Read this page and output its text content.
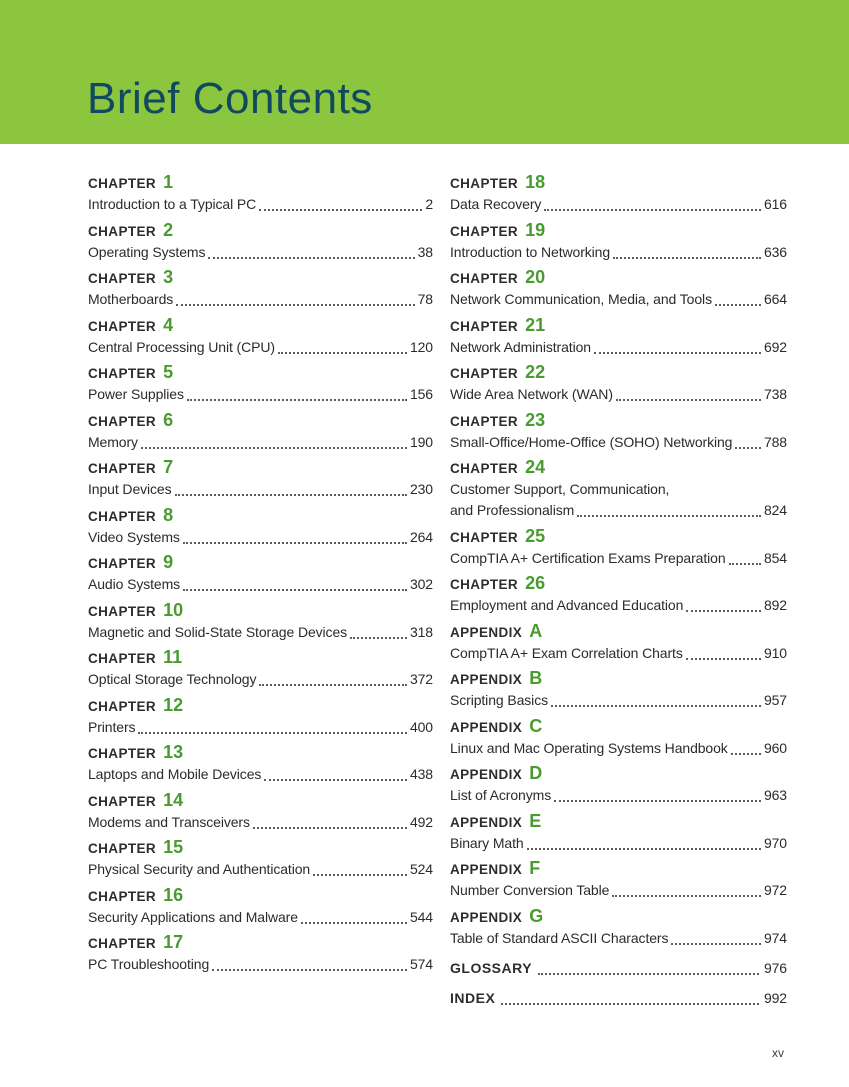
Brief Contents
CHAPTER 1
Introduction to a Typical PC	2
CHAPTER 2
Operating Systems	38
CHAPTER 3
Motherboards	78
CHAPTER 4
Central Processing Unit (CPU)	120
CHAPTER 5
Power Supplies	156
CHAPTER 6
Memory	190
CHAPTER 7
Input Devices	230
CHAPTER 8
Video Systems	264
CHAPTER 9
Audio Systems	302
CHAPTER 10
Magnetic and Solid-State Storage Devices	318
CHAPTER 11
Optical Storage Technology	372
CHAPTER 12
Printers	400
CHAPTER 13
Laptops and Mobile Devices	438
CHAPTER 14
Modems and Transceivers	492
CHAPTER 15
Physical Security and Authentication	524
CHAPTER 16
Security Applications and Malware	544
CHAPTER 17
PC Troubleshooting	574
CHAPTER 18
Data Recovery	616
CHAPTER 19
Introduction to Networking	636
CHAPTER 20
Network Communication, Media, and Tools	664
CHAPTER 21
Network Administration	692
CHAPTER 22
Wide Area Network (WAN)	738
CHAPTER 23
Small-Office/Home-Office (SOHO) Networking 788
CHAPTER 24
Customer Support, Communication,
and Professionalism	824
CHAPTER 25
CompTIA A+ Certification Exams Preparation	854
CHAPTER 26
Employment and Advanced Education	892
APPENDIX A
CompTIA A+ Exam Correlation Charts	910
APPENDIX B
Scripting Basics	957
APPENDIX C
Linux and Mac Operating Systems Handbook	960
APPENDIX D
List of Acronyms	963
APPENDIX E
Binary Math	970
APPENDIX F
Number Conversion Table	972
APPENDIX G
Table of Standard ASCII Characters	974
GLOSSARY	976
INDEX	992
xv
